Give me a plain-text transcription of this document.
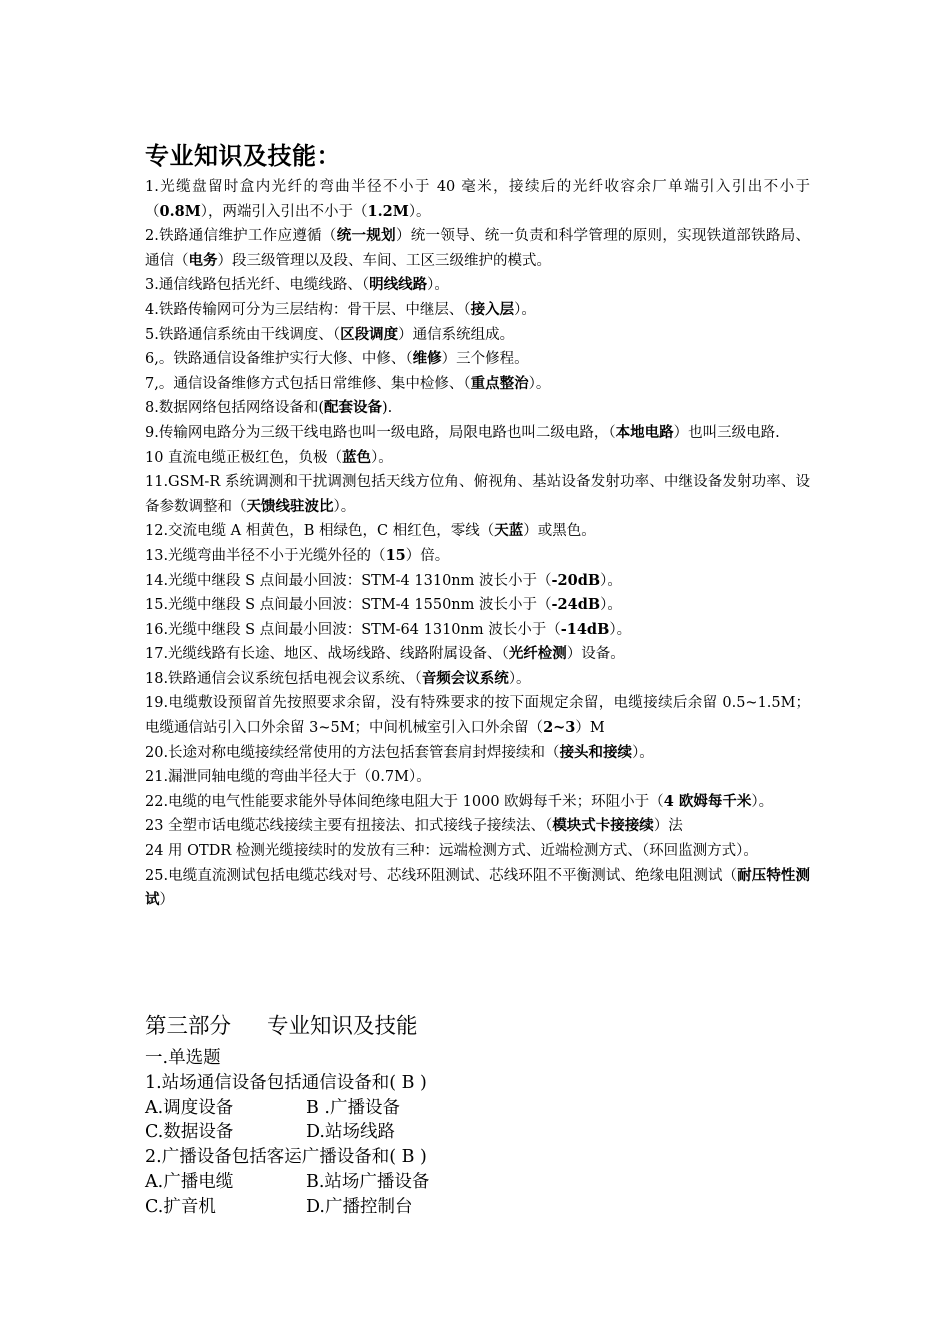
专业知识及技能：
1.光缆盘留时盒内光纤的弯曲半径不小于 40 毫米，接续后的光纤收容余厂单端引入引出不小于（0.8M），两端引入引出不小于（1.2M）。
2.铁路通信维护工作应遵循（统一规划）统一领导、统一负责和科学管理的原则，实现铁道部铁路局、通信（电务）段三级管理以及段、车间、工区三级维护的模式。
3.通信线路包括光纤、电缆线路、（明线线路）。
4.铁路传输网可分为三层结构：骨干层、中继层、（接入层）。
5.铁路通信系统由干线调度、（区段调度）通信系统组成。
6,。铁路通信设备维护实行大修、中修、（维修）三个修程。
7,。通信设备维修方式包括日常维修、集中检修、（重点整治）。
8.数据网络包括网络设备和(配套设备).
9.传输网电路分为三级干线电路也叫一级电路，局限电路也叫二级电路，（本地电路）也叫三级电路.
10 直流电缆正极红色，负极（蓝色）。
11.GSM-R 系统调测和干扰调测包括天线方位角、俯视角、基站设备发射功率、中继设备发射功率、设备参数调整和（天馈线驻波比）。
12.交流电缆 A 相黄色，B 相绿色，C 相红色，零线（天蓝）或黑色。
13.光缆弯曲半径不小于光缆外径的（15）倍。
14.光缆中继段 S 点间最小回波：STM-4 1310nm 波长小于（-20dB）。
15.光缆中继段 S 点间最小回波：STM-4 1550nm 波长小于（-24dB）。
16.光缆中继段 S 点间最小回波：STM-64 1310nm 波长小于（-14dB）。
17.光缆线路有长途、地区、战场线路、线路附属设备、（光纤检测）设备。
18.铁路通信会议系统包括电视会议系统、（音频会议系统）。
19.电缆敷设预留首先按照要求余留，没有特殊要求的按下面规定余留，电缆接续后余留 0.5~1.5M；电缆通信站引入口外余留 3~5M；中间机械室引入口外余留（2~3）M
20.长途对称电缆接续经常使用的方法包括套管套肩封焊接续和（接头和接续）。
21.漏泄同轴电缆的弯曲半径大于（0.7M）。
22.电缆的电气性能要求能外导体间绝缘电阻大于 1000 欧姆每千米；环阻小于（4 欧姆每千米）。
23 全塑市话电缆芯线接续主要有扭接法、扣式接线子接续法、（模块式卡接接续）法
24 用 OTDR 检测光缆接续时的发放有三种：远端检测方式、近端检测方式、（环回监测方式）。
25.电缆直流测试包括电缆芯线对号、芯线环阻测试、芯线环阻不平衡测试、绝缘电阻测试（耐压特性测试）
第三部分 专业知识及技能
一.单选题
1.站场通信设备包括通信设备和( B )
A.调度设备	B .广播设备
C.数据设备	D.站场线路
2.广播设备包括客运广播设备和( B )
A.广播电缆	B.站场广播设备
C.扩音机	D.广播控制台
